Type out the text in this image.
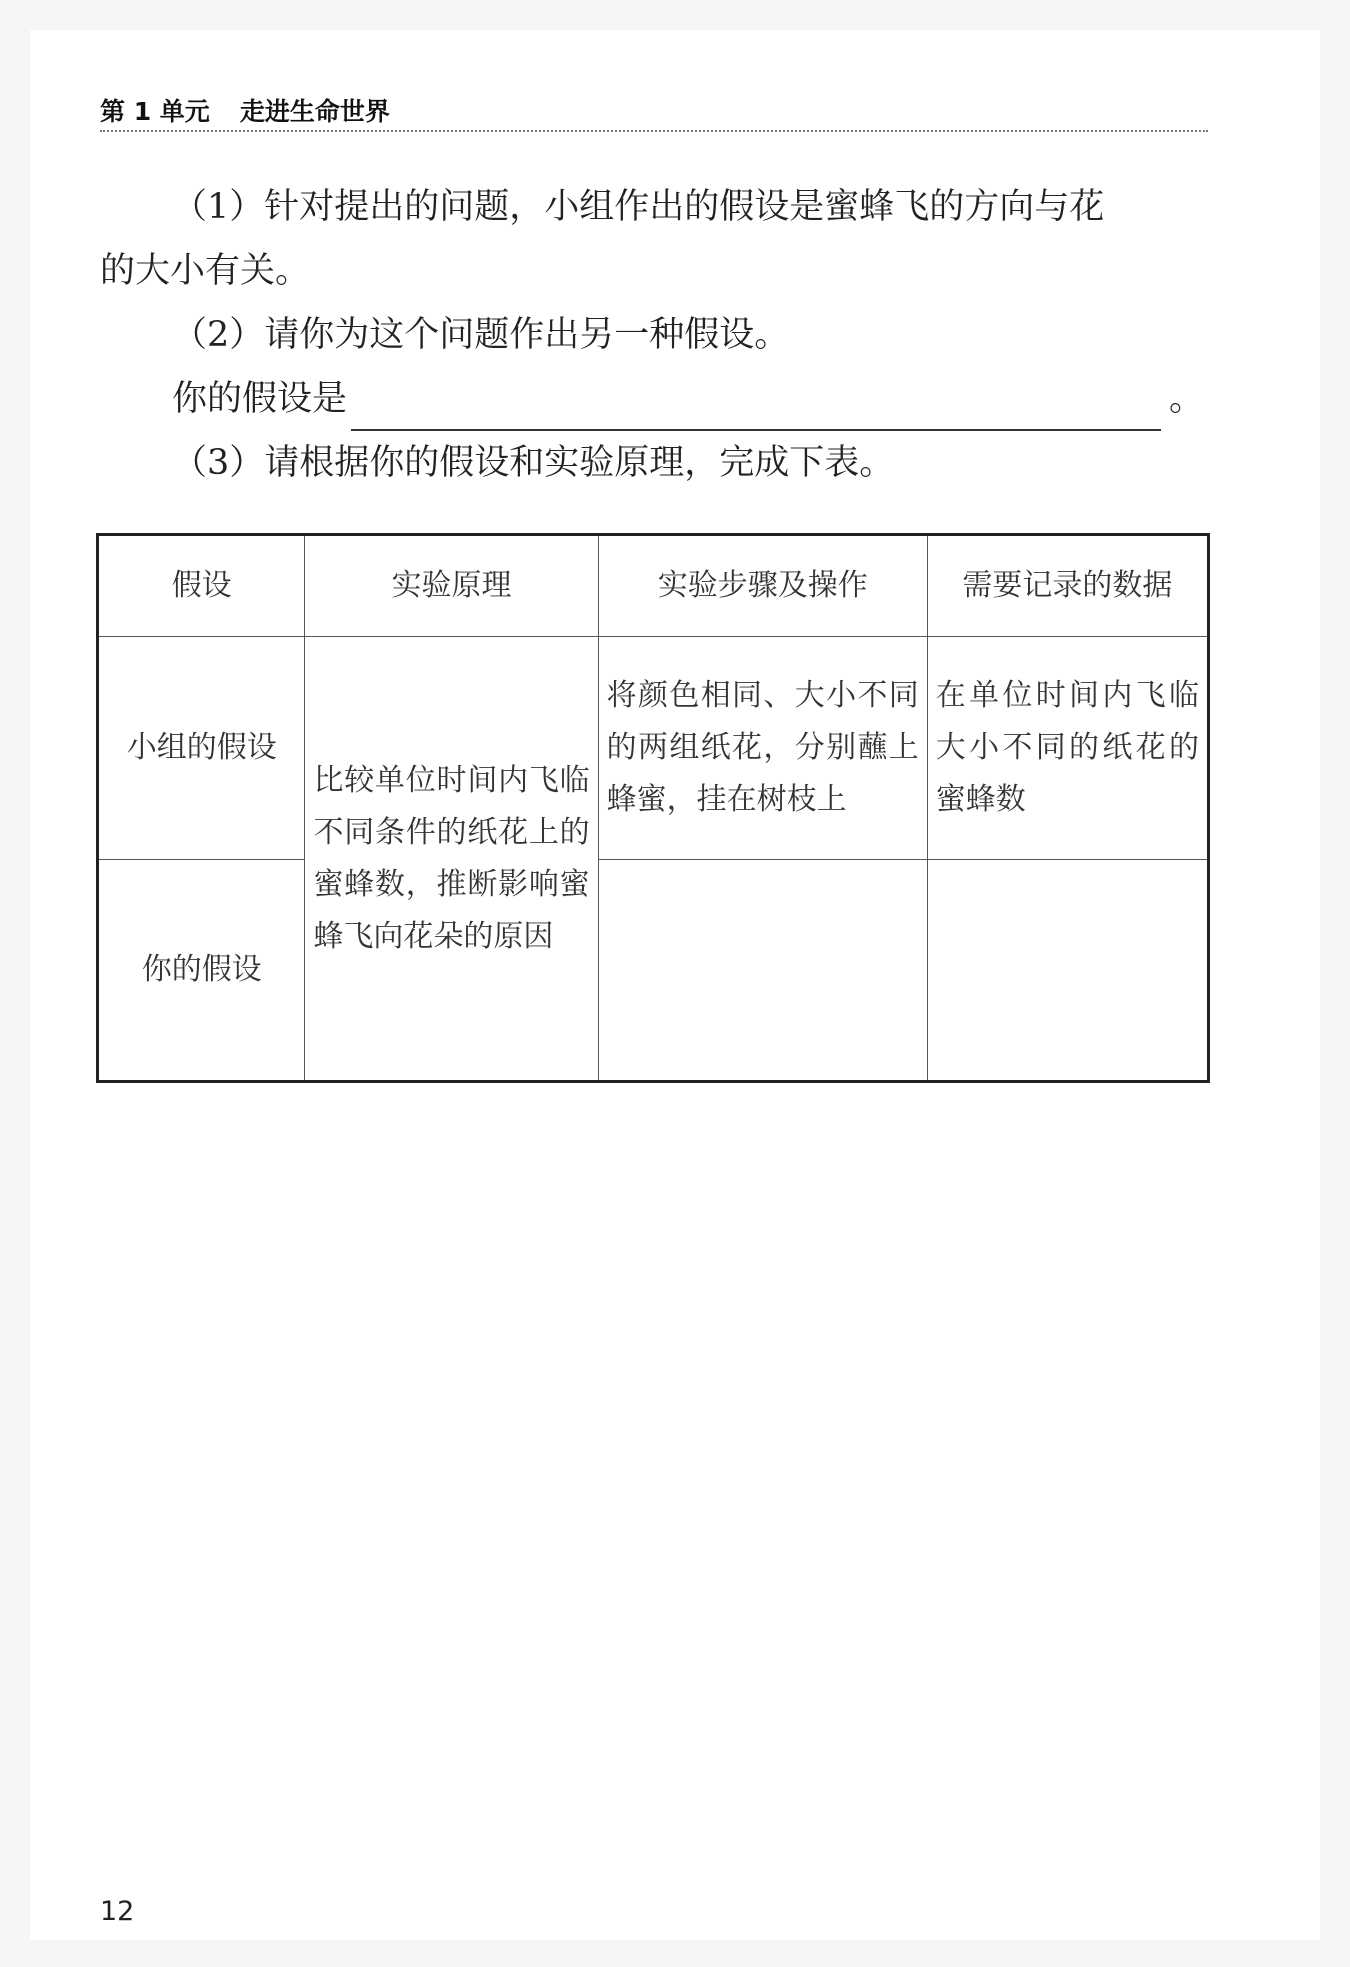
第 1 单元 走进生命世界
（1）针对提出的问题，小组作出的假设是蜜蜂飞的方向与花
的大小有关。
（2）请你为这个问题作出另一种假设。
你的假设是	。
（3）请根据你的假设和实验原理，完成下表。
假设	实验原理	实验步骤及操作	需要记录的数据
小组的假设	比较单位时间内飞临不同条件的纸花上的蜜蜂数，推断影响蜜蜂飞向花朵的原因	将颜色相同、大小不同的两组纸花，分别蘸上蜂蜜，挂在树枝上	在单位时间内飞临大小不同的纸花的蜜蜂数
你的假设			
12
